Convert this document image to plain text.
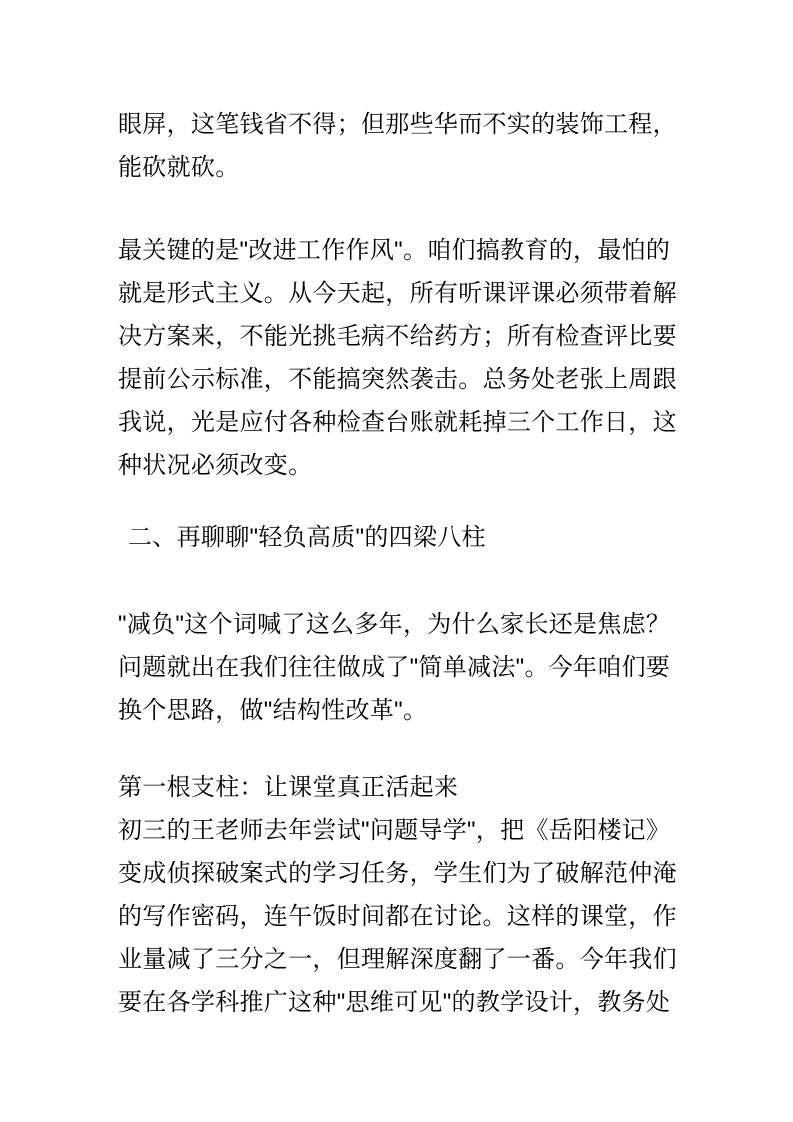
眼屏，这笔钱省不得；但那些华而不实的装饰工程，
能砍就砍。
最关键的是"改进工作作风"。咱们搞教育的，最怕的
就是形式主义。从今天起，所有听课评课必须带着解
决方案来，不能光挑毛病不给药方；所有检查评比要
提前公示标准，不能搞突然袭击。总务处老张上周跟
我说，光是应付各种检查台账就耗掉三个工作日，这
种状况必须改变。
二、再聊聊"轻负高质"的四梁八柱
"减负"这个词喊了这么多年，为什么家长还是焦虑？
问题就出在我们往往做成了"简单减法"。今年咱们要
换个思路，做"结构性改革"。
第一根支柱：让课堂真正活起来
初三的王老师去年尝试"问题导学"，把《岳阳楼记》
变成侦探破案式的学习任务，学生们为了破解范仲淹
的写作密码，连午饭时间都在讨论。这样的课堂，作
业量减了三分之一，但理解深度翻了一番。今年我们
要在各学科推广这种"思维可见"的教学设计，教务处
